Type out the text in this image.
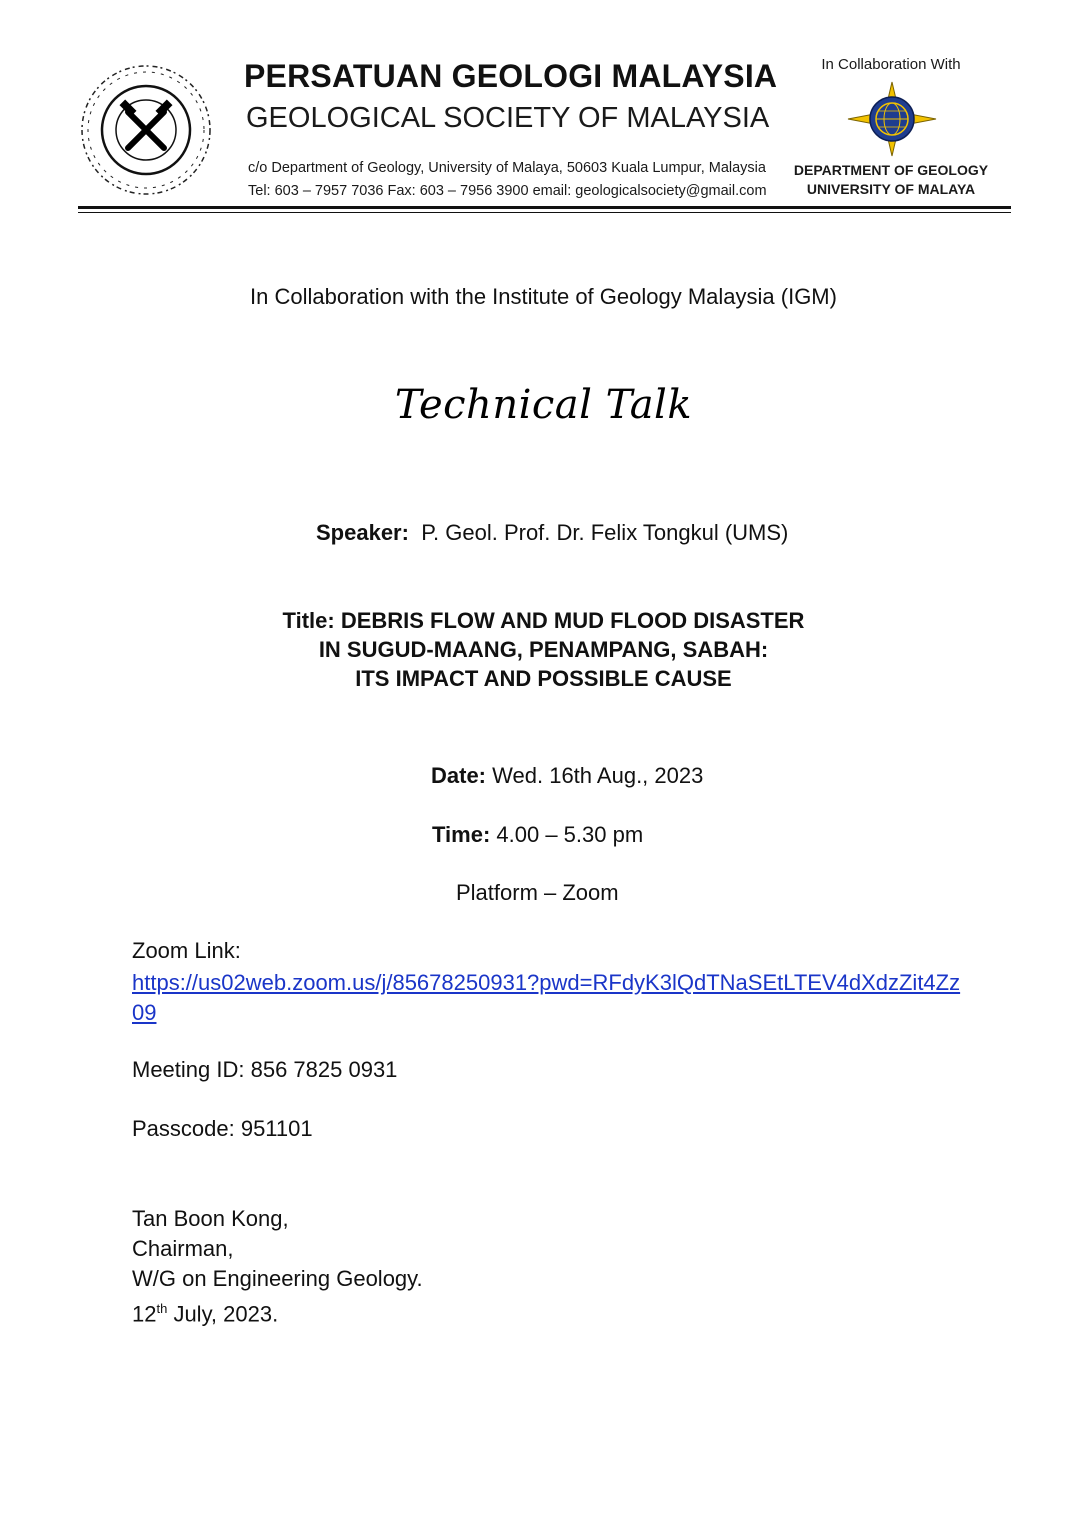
PERSATUAN GEOLOGI MALAYSIA
GEOLOGICAL SOCIETY OF MALAYSIA
c/o Department of Geology, University of Malaya, 50603 Kuala Lumpur, Malaysia
Tel: 603 – 7957 7036 Fax: 603 – 7956 3900 email: geologicalsociety@gmail.com
In Collaboration With
DEPARTMENT OF GEOLOGY
UNIVERSITY OF MALAYA
In Collaboration with the Institute of Geology Malaysia (IGM)
Technical Talk
Speaker: P. Geol. Prof. Dr. Felix Tongkul (UMS)
Title: DEBRIS FLOW AND MUD FLOOD DISASTER
IN SUGUD-MAANG, PENAMPANG, SABAH:
ITS IMPACT AND POSSIBLE CAUSE
Date: Wed. 16th Aug., 2023
Time: 4.00 – 5.30 pm
Platform – Zoom
Zoom Link:
https://us02web.zoom.us/j/85678250931?pwd=RFdyK3lQdTNaSEtLTEV4dXdzZit4Zz09
Meeting ID: 856 7825 0931
Passcode: 951101
Tan Boon Kong,
Chairman,
W/G on Engineering Geology.
12th July, 2023.
